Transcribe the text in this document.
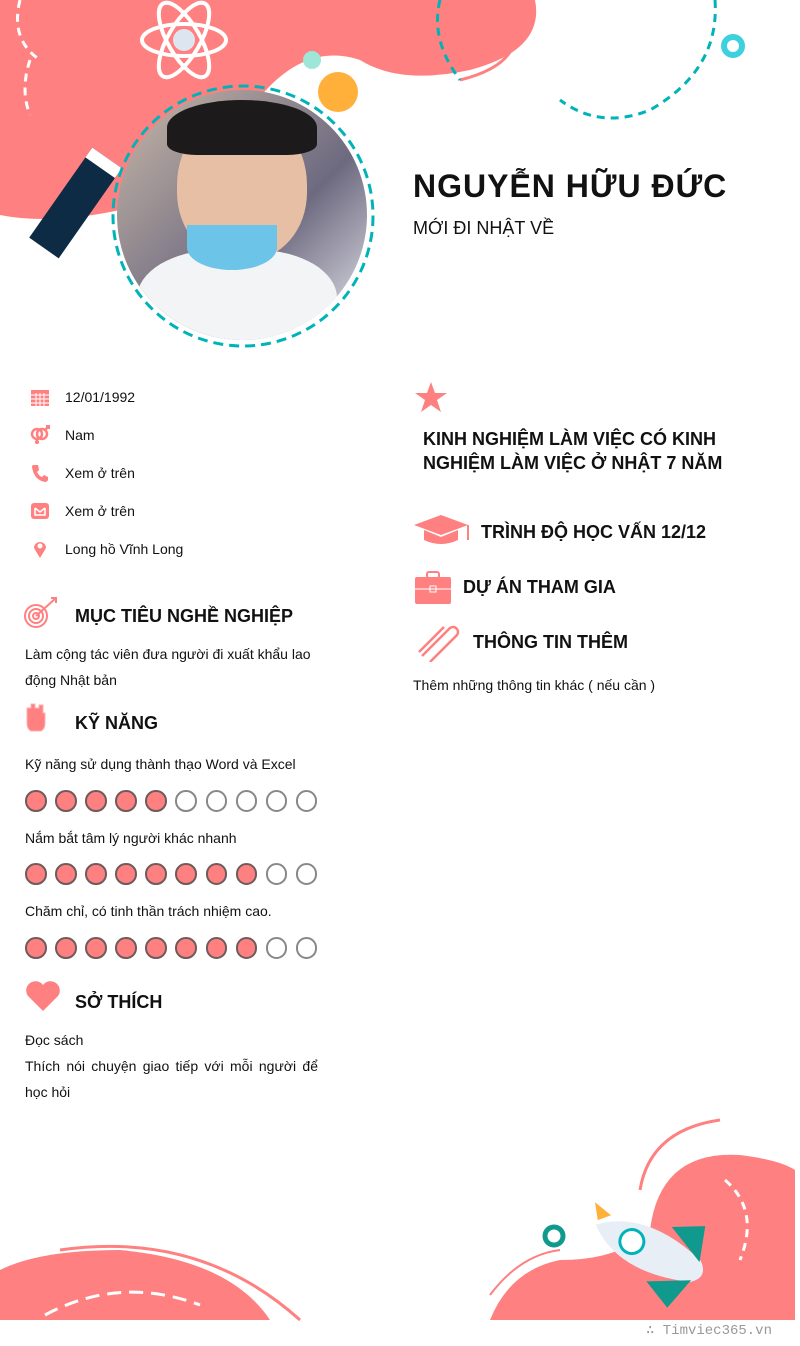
NGUYỄN HỮU ĐỨC
MỚI ĐI NHẬT VỀ
12/01/1992
Nam
Xem ở trên
Xem ở trên
Long hồ Vĩnh Long
MỤC TIÊU NGHỀ NGHIỆP
Làm cộng tác viên đưa người đi xuất khẩu lao động Nhật bản
KỸ NĂNG
Kỹ năng sử dụng thành thạo Word và Excel
Nắm bắt tâm lý người khác nhanh
Chăm chỉ, có tinh thần trách nhiệm cao.
SỞ THÍCH
Đọc sách
Thích nói chuyện giao tiếp với mỗi người để học hỏi
KINH NGHIỆM LÀM VIỆC CÓ KINH NGHIỆM LÀM VIỆC Ở NHẬT 7 NĂM
TRÌNH ĐỘ HỌC VẤN 12/12
DỰ ÁN THAM GIA
THÔNG TIN THÊM
Thêm những thông tin khác ( nếu cần )
∴ Timviec365.vn
